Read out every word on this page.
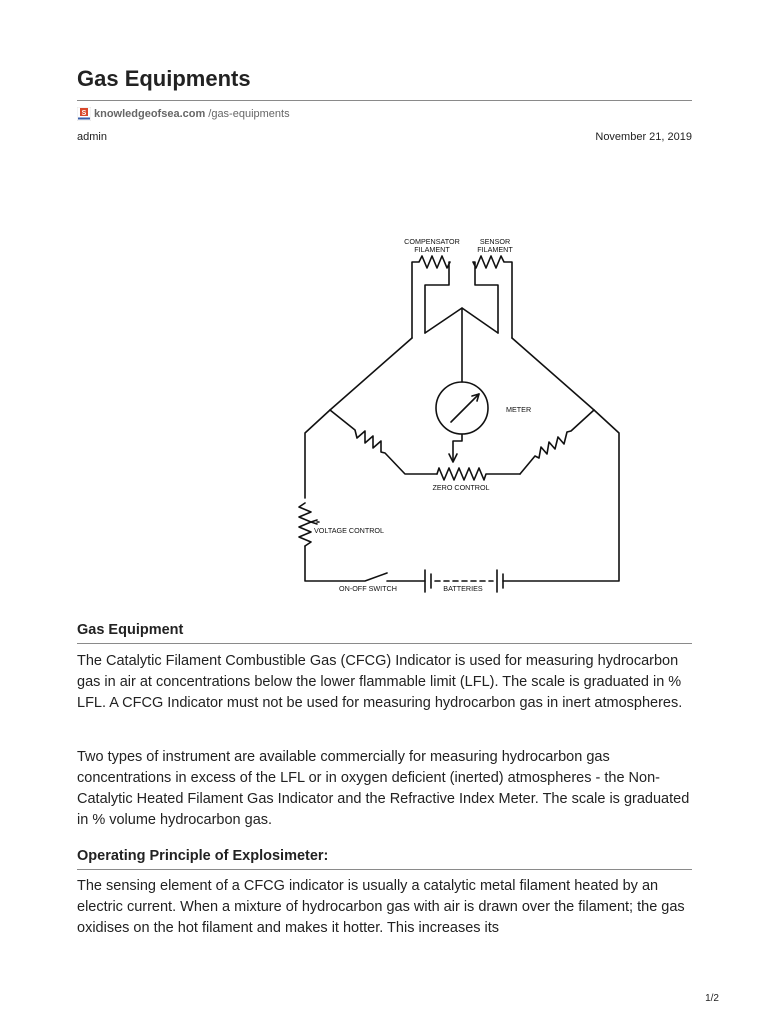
Gas Equipments
S knowledgeofsea.com /gas-equipments
admin	November 21, 2019
COMPENSATOR
FILAMENT
SENSOR
FILAMENT
METER
ZERO CONTROL
VOLTAGE CONTROL
ON-OFF SWITCH	BATTERIES
Gas Equipment

The Catalytic Filament Combustible Gas (CFCG) Indicator is used for measuring hydrocarbon gas in air at concentrations below the lower flammable limit (LFL). The scale is graduated in % LFL. A CFCG Indicator must not be used for measuring hydrocarbon gas in inert atmospheres.

Two types of instrument are available commercially for measuring hydrocarbon gas concentrations in excess of the LFL or in oxygen deficient (inerted) atmospheres - the Non- Catalytic Heated Filament Gas Indicator and the Refractive Index Meter. The scale is graduated in % volume hydrocarbon gas.

Operating Principle of Explosimeter:

The sensing element of a CFCG indicator is usually a catalytic metal filament heated by an electric current. When a mixture of hydrocarbon gas with air is drawn over the filament; the gas oxidises on the hot filament and makes it hotter. This increases its

1/2
